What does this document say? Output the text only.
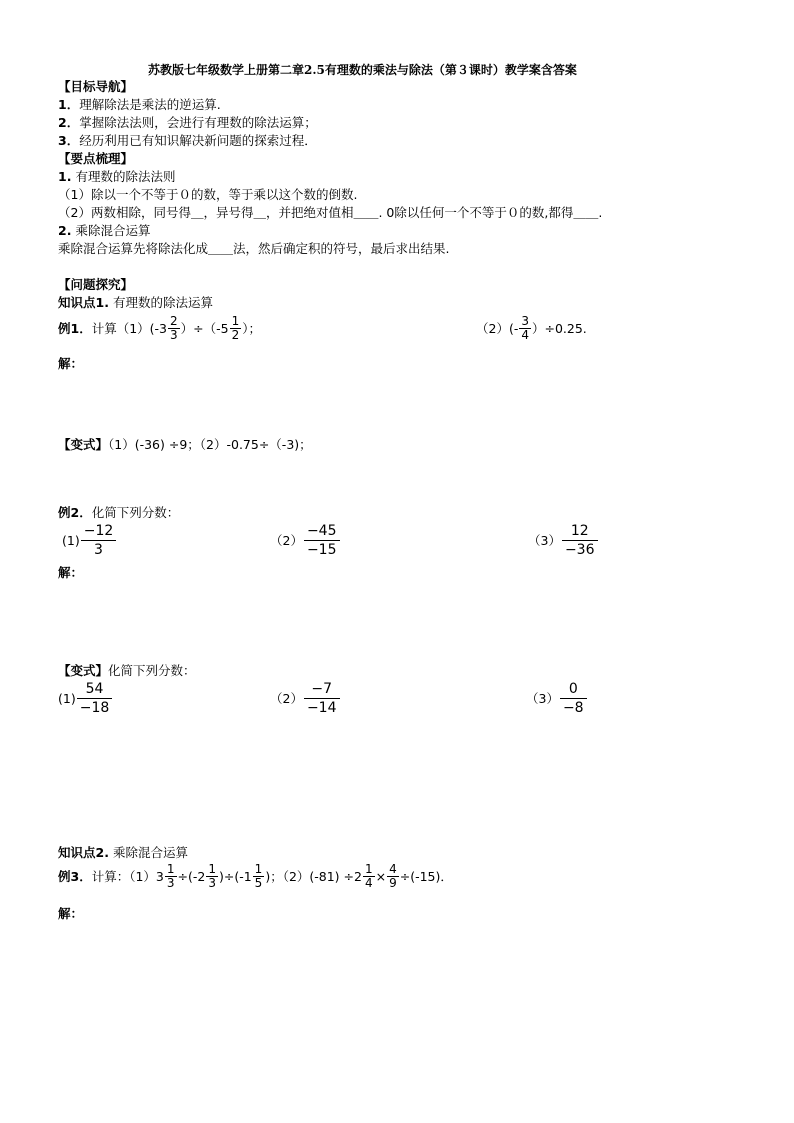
苏教版七年级数学上册第二章2.5有理数的乘法与除法（第３课时）教学案含答案
【目标导航】
1．理解除法是乘法的逆运算.
2．掌握除法法则，会进行有理数的除法运算；
3．经历利用已有知识解决新问题的探索过程．
【要点梳理】
1. 有理数的除法法则
（1）除以一个不等于０的数，等于乘以这个数的倒数.
（2）两数相除，同号得＿，异号得＿，并把绝对值相＿＿. 0除以任何一个不等于０的数,都得＿＿.
2. 乘除混合运算
乘除混合运算先将除法化成＿＿法，然后确定积的符号，最后求出结果.
【问题探究】
知识点1. 有理数的除法运算
例1． 计算（1）( $-3 \frac{2}{3} )\div(-5 \frac{1}{2}$ ）；	$(2)(- \frac{3}{4} )\div 0.25$.
解：
【变式】（1）(-36) ÷9；（2）-0.75÷（-3)；
例2．化简下列分数：
$(1) \frac{-12}{3}$	$(2) \frac{-45}{-15}$	$(3) \frac{12}{-36}$
解：
【变式】化简下列分数：
$(1) \frac{54}{-18}$	$(2) \frac{-7}{-14}$	$(3) \frac{0}{-8}$
知识点2. 乘除混合运算
例3． 计算：（1） $3 \frac{1}{3} \div(-2 \frac{1}{3} )\div(-1 \frac{1}{5}$ )；$(2)(-81) \div 2 \frac{1}{4} \times \frac{4}{9} \div(-15)$．
解：
